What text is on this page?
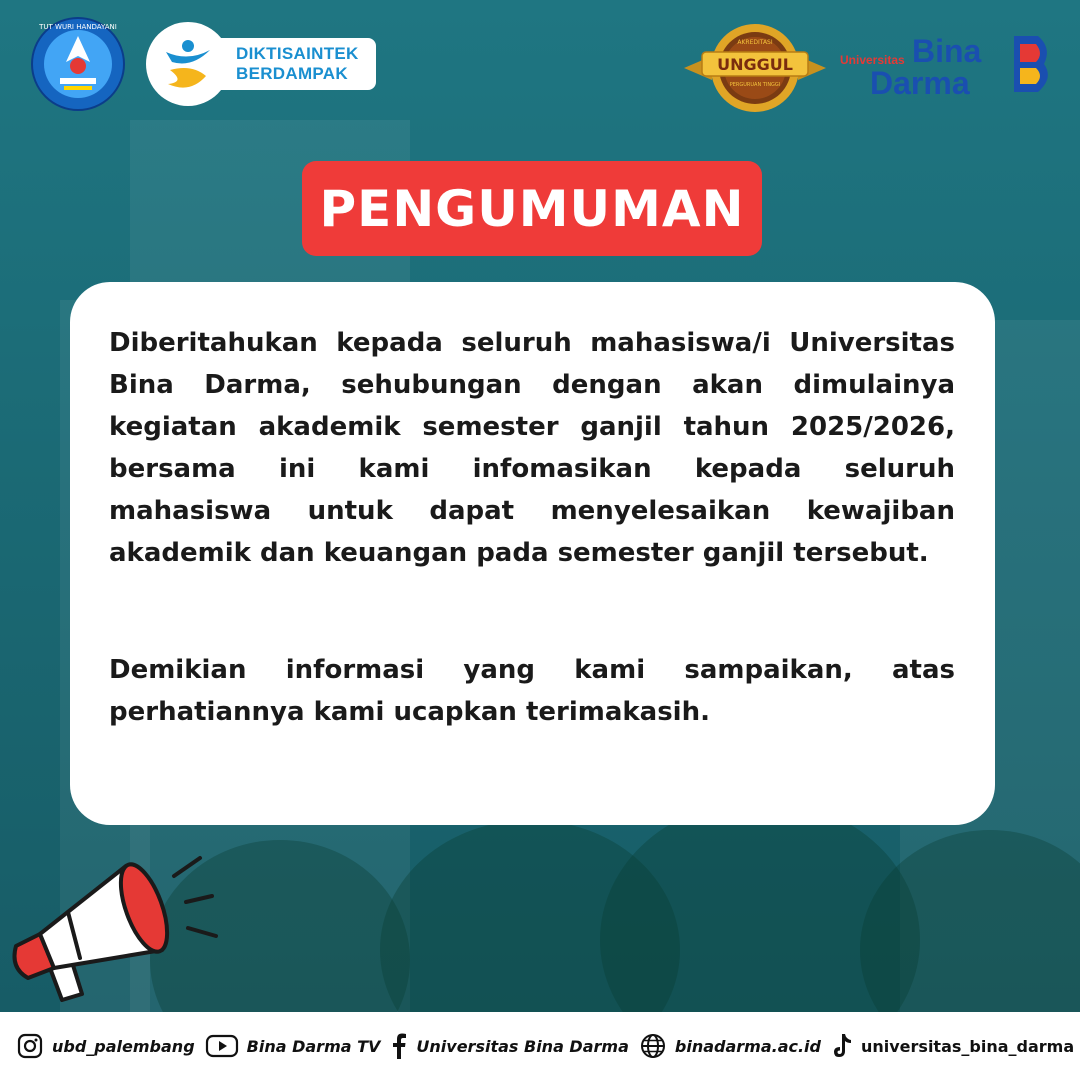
TUT WURI HANDAYANI
DIKTISAINTEK
BERDAMPAK	UNGGUL
AKREDITASI
PERGURUAN TINGGI
Universitas Bina
Darma
PENGUMUMAN

Diberitahukan kepada seluruh mahasiswa/i Universitas Bina Darma, sehubungan dengan akan dimulainya kegiatan akademik semester ganjil tahun 2025/2026, bersama ini kami infomasikan kepada seluruh mahasiswa untuk dapat menyelesaikan kewajiban akademik dan keuangan pada semester ganjil tersebut.

Demikian informasi yang kami sampaikan, atas perhatiannya kami ucapkan terimakasih.

ubd_palembang	Bina Darma TV Universitas Bina Darma	binadarma.ac.id	universitas_bina_darma
